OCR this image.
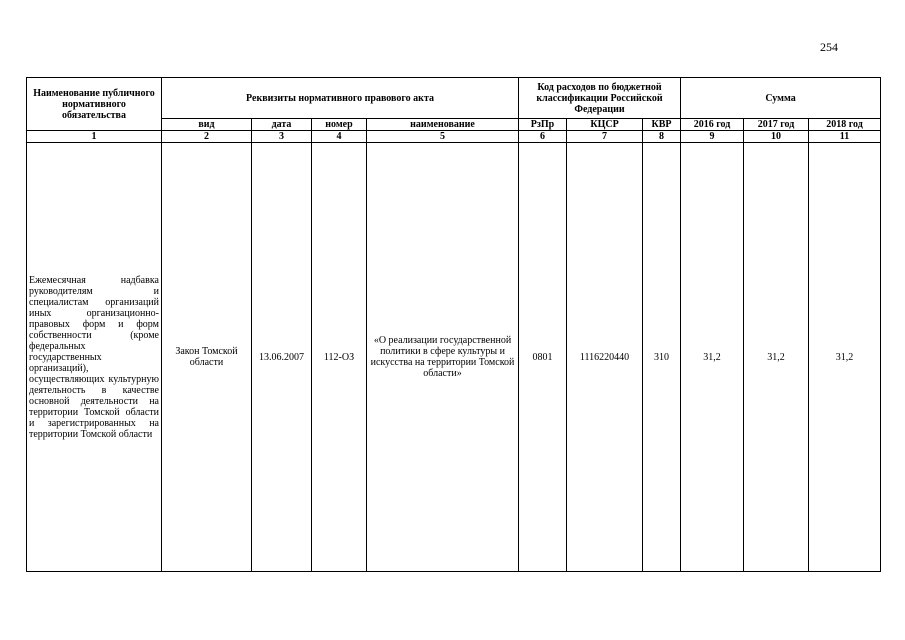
254
Наименование публичного нормативного обязательства	Реквизиты нормативного правового акта				Код расходов по бюджетной классификации Российской Федерации			Сумма		
	вид	дата	номер	наименование	РзПр	КЦСР	КВР	2016 год	2017 год	2018 год
1	2	3	4	5	6	7	8	9	10	11
Ежемесячная надбавка руководителям и специалистам организаций иных организационно-правовых форм и форм собственности (кроме федеральных государственных организаций), осуществляющих культурную деятельность в качестве основной деятельности на территории Томской области и зарегистрированных на территории Томской области	Закон Томской области	13.06.2007	112-ОЗ	«О реализации государственной политики в сфере культуры и искусства на территории Томской области»	0801	1116220440	310	31,2	31,2	31,2
